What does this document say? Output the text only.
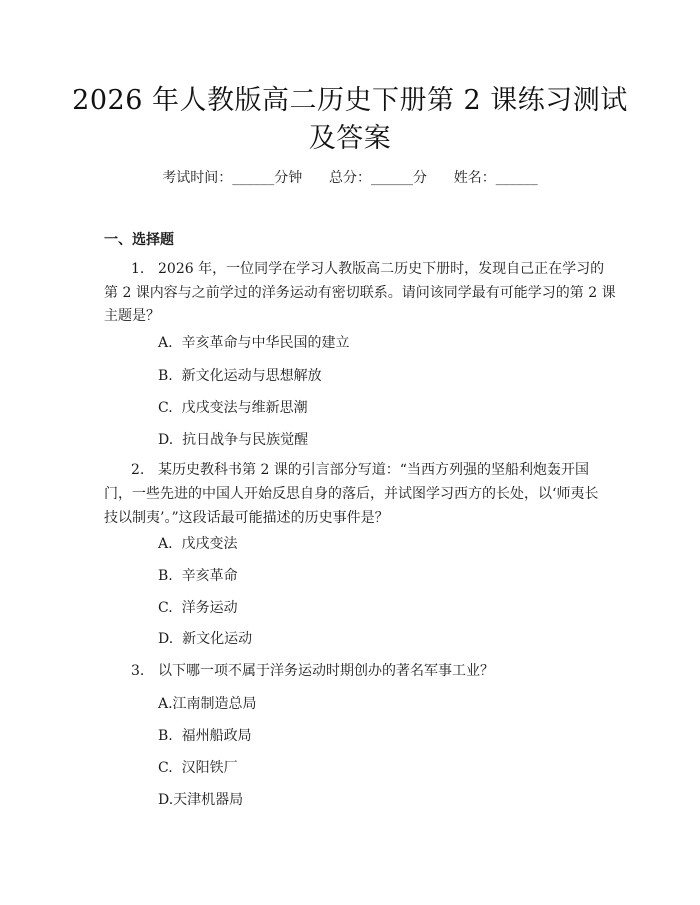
2026 年人教版高二历史下册第 2 课练习测试
及答案
考试时间：______分钟 总分：______分 姓名：______
一、选择题
1. 2026 年，一位同学在学习人教版高二历史下册时，发现自己正在学习的
第 2 课内容与之前学过的洋务运动有密切联系。请问该同学最有可能学习的第 2 课
主题是？
A.  辛亥革命与中华民国的建立
B.  新文化运动与思想解放
C.  戊戌变法与维新思潮
D.  抗日战争与民族觉醒
2. 某历史教科书第 2 课的引言部分写道：“当西方列强的坚船利炮轰开国
门，一些先进的中国人开始反思自身的落后，并试图学习西方的长处，以‘师夷长
技以制夷’。”这段话最可能描述的历史事件是？
A.  戊戌变法
B.  辛亥革命
C.  洋务运动
D.  新文化运动
3. 以下哪一项不属于洋务运动时期创办的著名军事工业？
A.江南制造总局
B.  福州船政局
C.  汉阳铁厂
D.天津机器局
